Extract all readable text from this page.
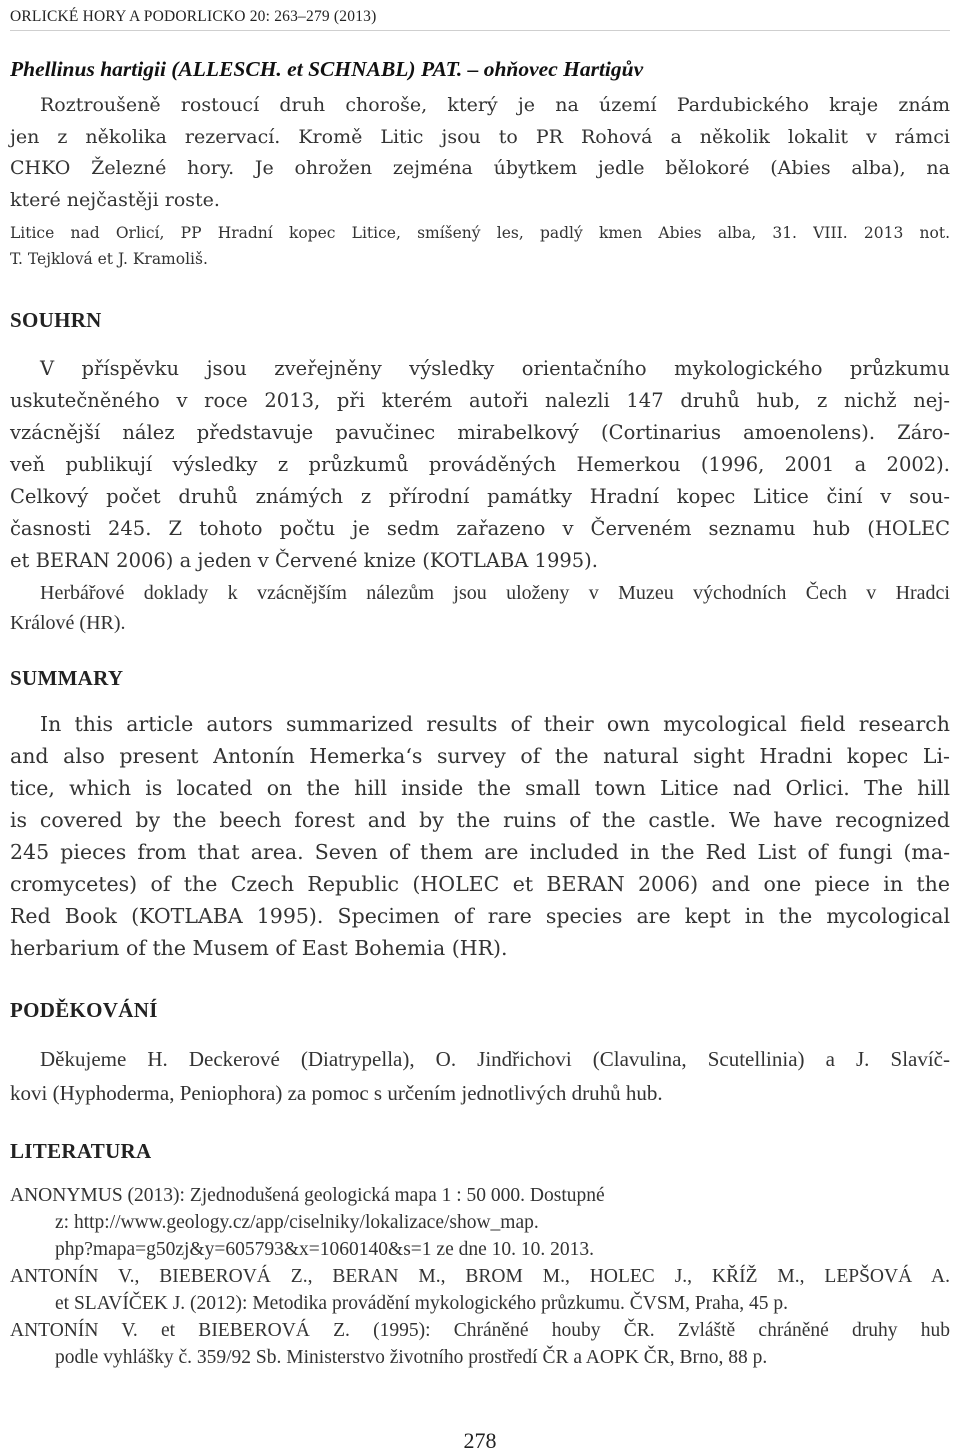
ORLICKÉ HORY A PODORLICKO 20: 263–279 (2013)
Phellinus hartigii (ALLESCH. et SCHNABL) PAT. – ohňovec Hartigův
Roztroušeně rostoucí druh choroše, který je na území Pardubického kraje znám
jen z několika rezervací. Kromě Litic jsou to PR Rohová a několik lokalit v rámci
CHKO Železné hory. Je ohrožen zejména úbytkem jedle bělokoré (Abies alba), na
které nejčastěji roste.
Litice nad Orlicí, PP Hradní kopec Litice, smíšený les, padlý kmen Abies alba, 31. VIII. 2013 not.
T. Tejklová et J. Kramoliš.
SOUHRN
V příspěvku jsou zveřejněny výsledky orientačního mykologického průzkumu
uskutečněného v roce 2013, při kterém autoři nalezli 147 druhů hub, z nichž nej-
vzácnější nález představuje pavučinec mirabelkový (Cortinarius amoenolens). Záro-
veň publikují výsledky z průzkumů prováděných Hemerkou (1996, 2001 a 2002).
Celkový počet druhů známých z přírodní památky Hradní kopec Litice činí v sou-
časnosti 245. Z tohoto počtu je sedm zařazeno v Červeném seznamu hub (HOLEC
et BERAN 2006) a jeden v Červené knize (KOTLABA 1995).
Herbářové doklady k vzácnějším nálezům jsou uloženy v Muzeu východních Čech v Hradci
Králové (HR).
SUMMARY
In this article autors summarized results of their own mycological field research
and also present Antonín Hemerka‘s survey of the natural sight Hradni kopec Li-
tice, which is located on the hill inside the small town Litice nad Orlici. The hill
is covered by the beech forest and by the ruins of the castle. We have recognized
245 pieces from that area. Seven of them are included in the Red List of fungi (ma-
cromycetes) of the Czech Republic (HOLEC et BERAN 2006) and one piece in the
Red Book (KOTLABA 1995). Specimen of rare species are kept in the mycological
herbarium of the Musem of East Bohemia (HR).
PODĚKOVÁNÍ
Děkujeme H. Deckerové (Diatrypella), O. Jindřichovi (Clavulina, Scutellinia) a J. Slavíč-
kovi (Hyphoderma, Peniophora) za pomoc s určením jednotlivých druhů hub.
LITERATURA
ANONYMUS (2013): Zjednodušená geologická mapa 1 : 50 000. Dostupné
z: http://www.geology.cz/app/ciselniky/lokalizace/show_map.
php?mapa=g50zj&y=605793&x=1060140&s=1 ze dne 10. 10. 2013.
ANTONÍN V., BIEBEROVÁ Z., BERAN M., BROM M., HOLEC J., KŘÍŽ M., LEPŠOVÁ A.
et SLAVÍČEK J. (2012): Metodika provádění mykologického průzkumu. ČVSM, Praha, 45 p.
ANTONÍN V. et BIEBEROVÁ Z. (1995): Chráněné houby ČR. Zvláště chráněné druhy hub
podle vyhlášky č. 359/92 Sb. Ministerstvo životního prostředí ČR a AOPK ČR, Brno, 88 p.
278
